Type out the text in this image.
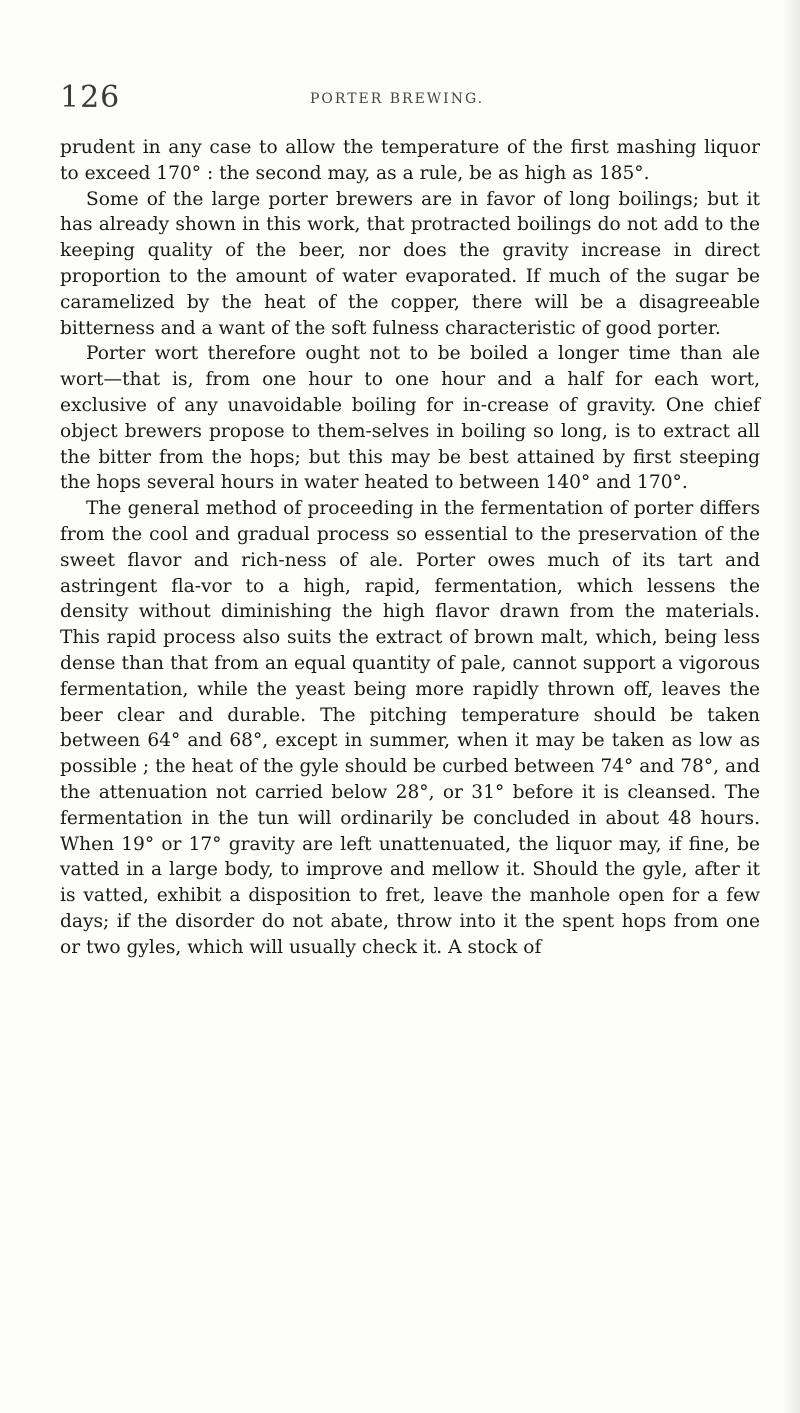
126	PORTER BREWING.

prudent in any case to allow the temperature of the first mashing liquor to exceed 170° : the second may, as a rule, be as high as 185°.

Some of the large porter brewers are in favor of long boilings; but it has already shown in this work, that protracted boilings do not add to the keeping quality of the beer, nor does the gravity increase in direct proportion to the amount of water evaporated. If much of the sugar be caramelized by the heat of the copper, there will be a disagreeable bitterness and a want of the soft fulness characteristic of good porter.

Porter wort therefore ought not to be boiled a longer time than ale wort—that is, from one hour to one hour and a half for each wort, exclusive of any unavoidable boiling for in-crease of gravity. One chief object brewers propose to them-selves in boiling so long, is to extract all the bitter from the hops; but this may be best attained by first steeping the hops several hours in water heated to between 140° and 170°.

The general method of proceeding in the fermentation of porter differs from the cool and gradual process so essential to the preservation of the sweet flavor and rich-ness of ale. Porter owes much of its tart and astringent fla-vor to a high, rapid, fermentation, which lessens the density without diminishing the high flavor drawn from the materials. This rapid process also suits the extract of brown malt, which, being less dense than that from an equal quantity of pale, cannot support a vigorous fermentation, while the yeast being more rapidly thrown off, leaves the beer clear and durable. The pitching temperature should be taken between 64° and 68°, except in summer, when it may be taken as low as possible ; the heat of the gyle should be curbed between 74° and 78°, and the attenuation not carried below 28°, or 31° before it is cleansed. The fermentation in the tun will ordinarily be concluded in about 48 hours. When 19° or 17° gravity are left unattenuated, the liquor may, if fine, be vatted in a large body, to improve and mellow it. Should the gyle, after it is vatted, exhibit a disposition to fret, leave the manhole open for a few days; if the disorder do not abate, throw into it the spent hops from one or two gyles, which will usually check it. A stock of
